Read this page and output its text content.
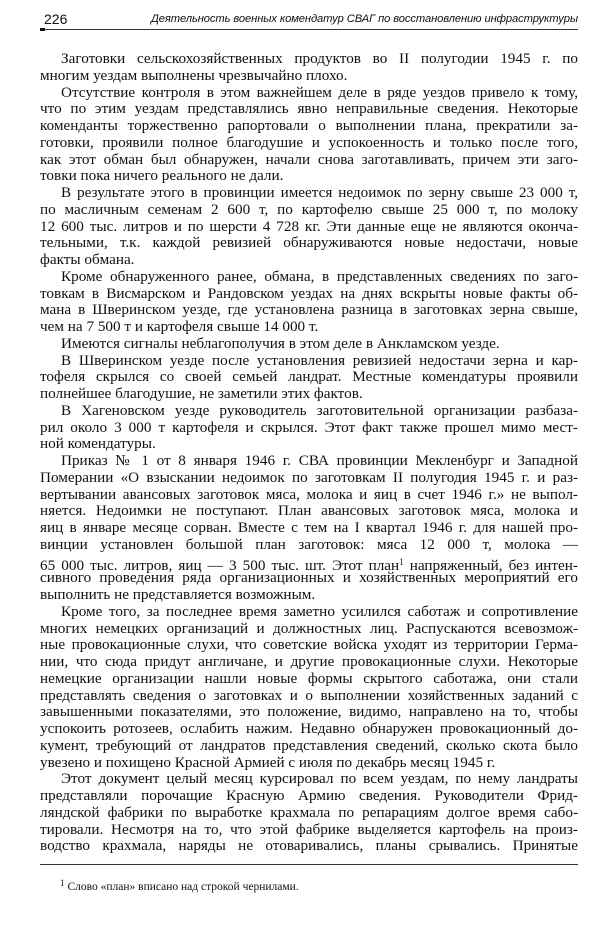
226	Деятельность военных комендатур СВАГ по восстановлению инфраструктуры
Заготовки сельскохозяйственных продуктов во II полугодии 1945 г. по
многим уездам выполнены чрезвычайно плохо.
Отсутствие контроля в этом важнейшем деле в ряде уездов привело к тому,
что по этим уездам представлялись явно неправильные сведения. Некоторые
коменданты торжественно рапортовали о выполнении плана, прекратили за-
готовки, проявили полное благодушие и успокоенность и только после того,
как этот обман был обнаружен, начали снова заготавливать, причем эти заго-
товки пока ничего реального не дали.
В результате этого в провинции имеется недоимок по зерну свыше 23 000 т,
по масличным семенам 2 600 т, по картофелю свыше 25 000 т, по молоку
12 600 тыс. литров и по шерсти 4 728 кг. Эти данные еще не являются оконча-
тельными, т.к. каждой ревизией обнаруживаются новые недостачи, новые
факты обмана.
Кроме обнаруженного ранее, обмана, в представленных сведениях по заго-
товкам в Висмарском и Рандовском уездах на днях вскрыты новые факты об-
мана в Шверинском уезде, где установлена разница в заготовках зерна свыше,
чем на 7 500 т и картофеля свыше 14 000 т.
Имеются сигналы неблагополучия в этом деле в Анкламском уезде.
В Шверинском уезде после установления ревизией недостачи зерна и кар-
тофеля скрылся со своей семьей ландрат. Местные комендатуры проявили
полнейшее благодушие, не заметили этих фактов.
В Хагеновском уезде руководитель заготовительной организации разбаза-
рил около 3 000 т картофеля и скрылся. Этот факт также прошел мимо мест-
ной комендатуры.
Приказ № 1 от 8 января 1946 г. СВА провинции Мекленбург и Западной
Померании «О взыскании недоимок по заготовкам II полугодия 1945 г. и раз-
вертывании авансовых заготовок мяса, молока и яиц в счет 1946 г.» не выпол-
няется. Недоимки не поступают. План авансовых заготовок мяса, молока и
яиц в январе месяце сорван. Вместе с тем на I квартал 1946 г. для нашей про-
винции установлен большой план заготовок: мяса 12 000 т, молока —
65 000 тыс. литров, яиц — 3 500 тыс. шт. Этот план$^1$ напряженный, без интен-
сивного проведения ряда организационных и хозяйственных мероприятий его
выполнить не представляется возможным.
Кроме того, за последнее время заметно усилился саботаж и сопротивление
многих немецких организаций и должностных лиц. Распускаются всевозмож-
ные провокационные слухи, что советские войска уходят из территории Герма-
нии, что сюда придут англичане, и другие провокационные слухи. Некоторые
немецкие организации нашли новые формы скрытого саботажа, они стали
представлять сведения о заготовках и о выполнении хозяйственных заданий с
завышенными показателями, это положение, видимо, направлено на то, чтобы
успокоить ротозеев, ослабить нажим. Недавно обнаружен провокационный до-
кумент, требующий от ландратов представления сведений, сколько скота было
увезено и похищено Красной Армией с июля по декабрь месяц 1945 г.
Этот документ целый месяц курсировал по всем уездам, по нему ландраты
представляли порочащие Красную Армию сведения. Руководители Фрид-
ляндской фабрики по выработке крахмала по репарациям долгое время сабо-
тировали. Несмотря на то, что этой фабрике выделяется картофель на произ-
водство крахмала, наряды не отоваривались, планы срывались. Принятые
$^1$ Слово «план» вписано над строкой чернилами.
